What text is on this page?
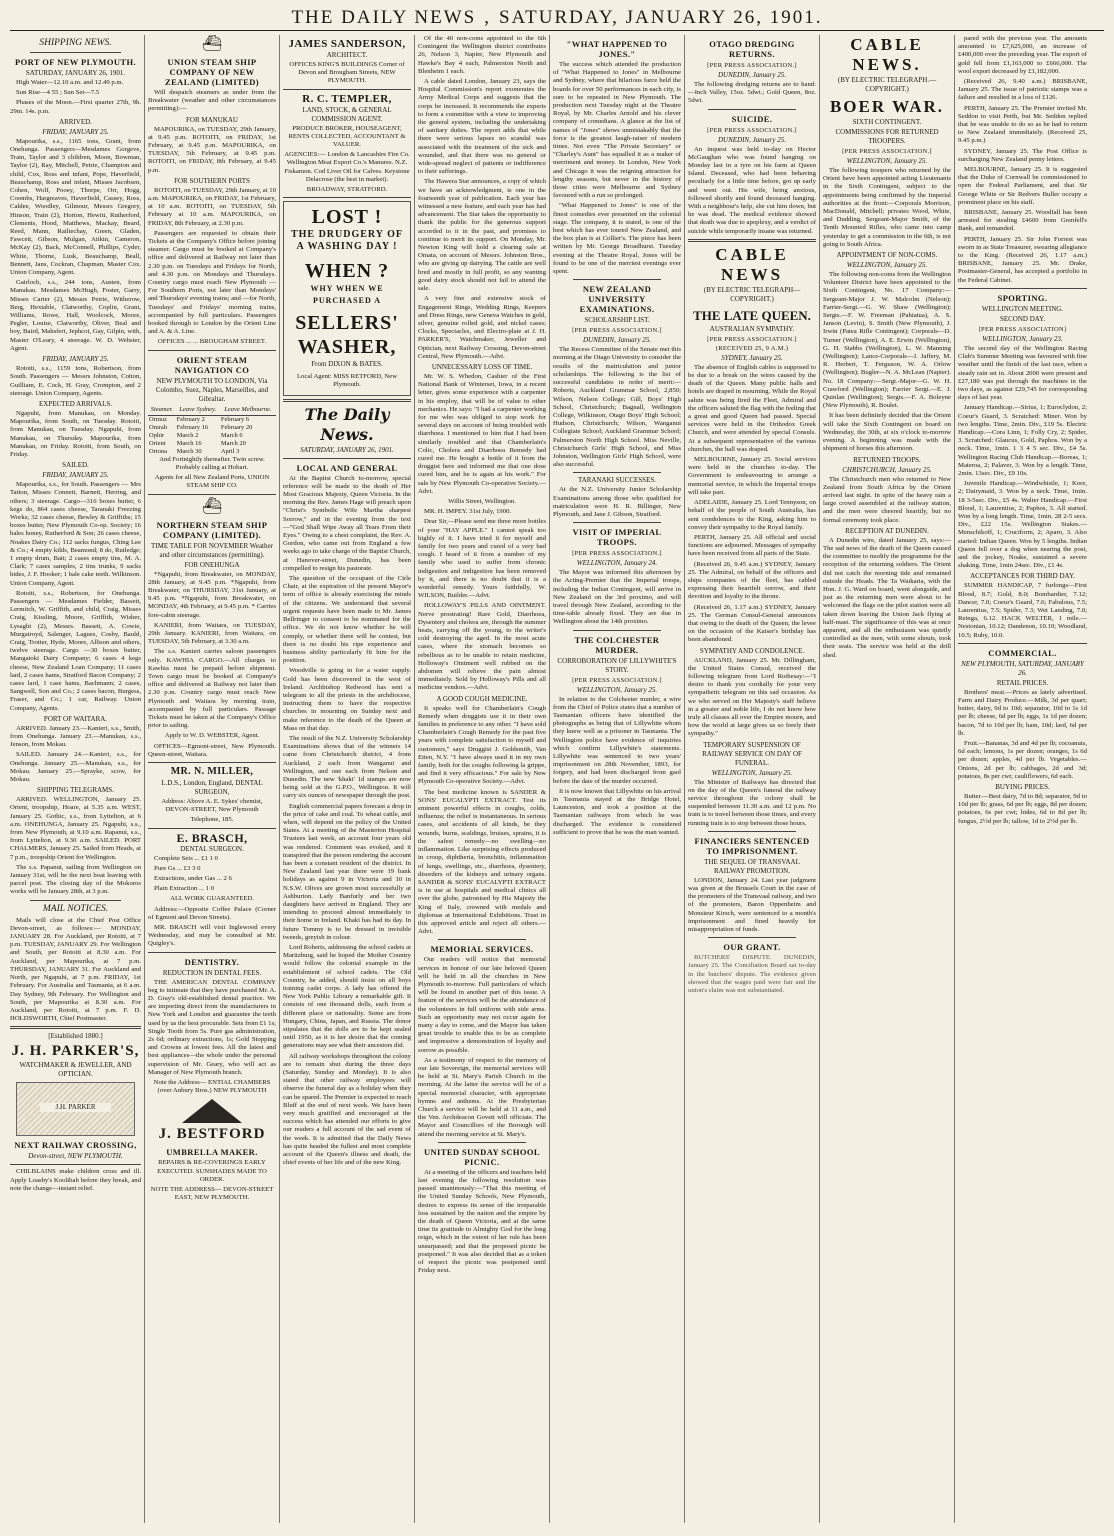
THE DAILY NEWS , SATURDAY, JANUARY 26, 1901.
SHIPPING NEWS.
PORT OF NEW PLYMOUTH.
SATURDAY, JANUARY 26, 1901.
High Water—12.10 a.m. and 12.49 p.m.
Sun Rise—4 55 ; Sun Set—7.5
Phases of the Moon.—First quarter 27th, 9h. 29m. 14s. p.m.
ARRIVED.
FRIDAY, JANUARY 25.
Mapourika, s.s., 1165 tons, Grant, from Onehunga. Passengers—Mesdames Gorgeve, Train, Taylor and 3 children, Moon, Bowman, Taylor (2), Ray, Mitchell, Petrie, Champion and child, Cox, Ross and infant, Pope, Haverfield, Beauchamp, Ross and infant, Misses Jacobsen, Cohen, Wolf, Pooey, Thorpe, Orr, Hogg, Coombs, Hargreaves, Haverfield, Cassey, Ross, Caldee, Woodley, Gilmour, Messrs Gregory, Hinson, Train (2), Horton, Hewitt, Rutherford, Clements, Hood, Matthews, Mackay, Beard, Reed, Mann, Railtechay, Green, Gladen, Fawcett, Gibson, Mulgan, Aitkin, Cameron, McKay (2), Back, McConnell, Phillips, Cyder, White, Thorne, Lusk, Beauchamp, Beall, Bennett, Jans, Cockran, Chapman, Master Cox. Union Company, Agent.
Gairloch, s.s., 244 tons, Austen, from Manukau. Mesdames McHugh, Foster, Garry, Misses Carter (2), Messrs Petrie, Witherow, Berg, Hextable, Clatworthy, Coplin, Grant, Williams, Rowe, Hall, Woolcock, Moore, Pegler, Louise, Clatworthy, Oliver, Beal and boy, Baird, Mahsfert, Jephcot, Gay, Gilpin, with, Master O'Leary, 4 steerage. W. D. Webster, Agent.
FRIDAY, JANUARY 25.
Rotoiti, s.s., 1159 tons, Robertson, from South. Passengers — Messrs Johnston, Cotton, Guilliam, E. Cock, H. Gray, Crompton, and 2 steerage. Union Company, Agents.
EXPECTED ARRIVALS.
Ngapuhi, from Manukau, on Monday. Mapourika, from South, on Tuesday. Rotoiti, from Manukau, on Tuesday. Ngapuhi, from Manukau, on Thursday. Mapourika, from Manukau, on Friday. Rotoiti, from South, on Friday.
SAILED.
FRIDAY, JANUARY 25.
Mapourika, s.s., for South. Passengers — Mrs Tatton, Misses Connett, Barnett, Herring, and others; 3 steerage. Cargo—316 boxes butter, 6 kegs do, 864 cases cheese, Taranaki Freezing Works; 32 cases cheese, Bewley & Griffiths; 15 boxes butter, New Plymouth Co-op. Society; 16 bales honey, Rutherford & Son; 26 cases cheese, Noakes Dairy Co.; 112 sacks fungus, Ching Lee & Co.; 4 empty kilds, Beamond; 8 do, Rutledge; 1 empty drum, Bait; 2 cases empty tins, M. A. Clark; 7 cases samples, 2 tins trunks, 9 sacks hides, J. F. Hooker; 1 bale cake teeth. Wilkinson. Union Company, Agent.
Rotoiti, s.s., Robertson, for Onehunga. Passengers — Mesdames Fielder, Bassett, Lermitch, W. Griffith, and child, Craig, Misses Craig, Kissling, Moore, Griffith, Wisher, Lysaght (2), Messrs. Bassett, A. Cowie, Murgatroyd, Salenger, Lagues, Cosby, Bauld, Craig, Trotter, Hyde, Moore, Allison and others, twelve steerage. Cargo —30 boxes butter, Mangatoki Dairy Company; 6 cases 4 kegs cheese, New Zealand Loan Company; 11 cases lard, 2 cases hams, Stratford Bacon Company; 2 cases lard, 1 case hams, Bachmann; 2 cases, Sangwell, Son and Co.; 2 cases bacon, Burgess, Fraser, and Co.; 1 car, Railway. Union Company, Agents.
PORT OF WAITARA.
ARRIVED. January 23.—Kanieri, s.s., Smith, from Onehunga. January 23.—Manukau, s.s., Jenson, from Mokau.
SAILED. January 24.—Kanieri, s.s., for Onehunga. January 25.—Manukau, s.s., for Mokau. January 25.—Sprayke, scow, for Mokau.
SHIPPING TELEGRAMS.
ARRIVED. WELLINGTON, January 25. Orient, troopship, Hoare, at 5.35 a.m. WEST, January 25. Gothic, s.s., from Lyttelton, at 6 a.m. ONEHUNGA, January 25. Ngapuhi, s.s., from New Plymouth, at 9.10 a.m. Rapanui, s.s., from Lyttelton, at 9.30 a.m. SAILED. PORT CHALMERS, January 25. Sailed from Heads, at 7 p.m., troopship Orient for Wellington.
The s.s. Papanui, sailing from Wellington on January 31st, will be the next boat leaving with parcel post. The closing day of the Mokoros works will be January 28th, at 3 p.m.
MAIL NOTICES.
Mails will close at the Chief Post Office Devon-street, as follows:— MONDAY, JANUARY 28. For Auckland, per Rotoiti, at 7 p.m. TUESDAY, JANUARY 29. For Wellington and South, per Rotoiti at 8.30 a.m. For Auckland, per Mapourika, at 7 p.m. THURSDAY, JANUARY 31. For Auckland and North, per Ngapuhi, at 7 p.m. FRIDAY, 1st February. For Australia and Tasmania, at 6 a.m. Day Sydney, 9th February. For Wellington and South, per Mapourika at 8.30 a.m. For Auckland, per Rotoiti, at 7 p.m. F. D. HOLDSWORTH, Chief Postmaster.
[Established 1880.]
J. H. PARKER'S,
WATCHMAKER & JEWELLER, AND OPTICIAN.
J.H. PARKER
NEXT RAILWAY CROSSING,
Devon-street, NEW PLYMOUTH.
CHILBLAINS make children cross and ill. Apply Loasby's Koolibah before they break, and note the change—instant relief.
⛴
UNION STEAM SHIP COMPANY OF NEW ZEALAND (LIMITED)
Will despatch steamers as under from the Breakwater (weather and other circumstances permitting):—
FOR MANUKAU
MAPOURIKA, on TUESDAY, 29th January, at 9.45 p.m. ROTOITI, on FRIDAY, 1st February, at 9.45 p.m. MAPOURIKA, on TUESDAY, 5th February, at 9.45 p.m. ROTOITI, on FRIDAY, 8th February, at 9.45 p.m.
FOR SOUTHERN PORTS
ROTOITI, on TUESDAY, 29th January, at 10 a.m. MAPOURIKA, on FRIDAY, 1st February, at 10 a.m. ROTOITI, on TUESDAY, 5th February at 10 a.m. MAPOURIKA, on FRIDAY, 8th February, at 2.30 p.m.
Passengers are requested to obtain their Tickets at the Company's Office before joining steamer. Cargo must be booked at Company's office and delivered at Railway not later than 2.30 p.m. on Tuesdays and Fridays for North, and 4.30 p.m. on Mondays and Thursdays. Country cargo must reach New Plymouth —For Southern Ports, not later than Mondays' and Thursdays' evening trains; and —for North, Tuesdays' and Fridays' morning trains, accompanied by full particulars. Passengers booked through to London by the Orient Line and A. & A. Line.
OFFICES ... ... BROUGHAM STREET.
ORIENT STEAM NAVIGATION CO
NEW PLYMOUTH TO LONDON, Via Colombo, Suez, Naples, Marseilles, and Gibraltar.
Steamer.	Leave Sydney.	Leave Melbourne.
Ormuz	February 2	February 6
Omrah	February 16	February 20
Ophir	March 2	March 6
Orient	March 16	March 20
Ortona	March 30	April 3
And Fortnightly thereafter. Twin screw. Probably calling at Hobart.
Agents for all New Zealand Ports, UNION STEAM SHIP CO.
⛴
NORTHERN STEAM SHIP COMPANY (LIMITED).
TIME TABLE FOR NOVEMBER Weather and other circumstances (permitting).
FOR ONEHUNGA
*Ngapuhi, from Breakwater, on MONDAY, 28th January, at 9.45 p.m. *Ngapuhi, from Breakwater, on THURSDAY, 31st January, at 9.45 p.m. *Ngapuhi, from Breakwater, on MONDAY, 4th February, at 9.45 p.m. * Carries fore-cabin steerage.
KANIERI, from Waitara, on TUESDAY, 29th January. KANIERI, from Waitara, on TUESDAY, 5th February, at 3.30 a.m.
The s.s. Kanieri carries saloon passengers only. KAWHIA CARGO.—All charges to Kawhia must be prepaid before shipment. Town cargo must be booked at Company's office and delivered at Railway not later than 2.30 p.m. Country cargo must reach New Plymouth and Waitara by morning train, accompanied by full particulars. Passage Tickets must be taken at the Company's Office prior to sailing.
Apply to W. D. WEBSTER, Agent.
OFFICES—Egmont-street, New Plymouth. Queen-street, Waitara.
MR. N. MILLER,
L.D.S., London, England, DENTAL SURGEON,
Address: Above A. E. Sykes' chemist, DEVON-STREET, New Plymouth
Telephone, 185.
E. BRASCH,
DENTAL SURGEON.
Complete Sets ... £1 1 0
Pure Gs ... £3 3 0
Extractions, under Gas ... 2 6
Plain Extraction ... 1 0
ALL WORK GUARANTEED.
Address:—Opposite Coffee Palace (Corner of Egmont and Devon Streets).
MR. BRASCH will visit Inglewood every Wednesday, and may be consulted at Mr. Quigley's.
DENTISTRY.
REDUCTION IN DENTAL FEES.
THE AMERICAN DENTAL COMPANY beg to intimate that they have purchased Mr. A. D. Gray's old-established dental practice. We are importing direct from the manufacturers in New York and London and guarantee the teeth used by us the best procurable. Sets from £1 1s; Single Tooth from 5s. Pure gas administration, 2s 6d; ordinary extractions, 1s; Gold Stopping and Crowns at lowest fees. All the latest and best appliances—the whole under the personal supervision of Mr. Geary, who will act as Manager of New Plymouth branch.
Note the Address— ENTIAL CHAMBERS (over Anbury Bros.) NEW PLYMOUTH
J. BESTFORD
UMBRELLA MAKER.
REPAIRS & RE-COVERINGS EARLY EXECUTED. SUNSHADES MADE TO ORDER.
NOTE THE ADDRESS— DEVON-STREET EAST, NEW PLYMOUTH.
JAMES SANDERSON,
ARCHITECT.
OFFICES KING'S BUILDINGS Corner of Devon and Brougham Streets, NEW PLYMOUTH.
R. C. TEMPLER,
LAND, STOCK, & GENERAL COMMISSION AGENT.
PRODUCE BROKER, HOUSEAGENT, RENTS COLLECTED, ACCOUNTANT & VALUER.
AGENCIES:— London & Lancashire Fire Co. Wellington Meat Export Co.'s Manures. N.Z. Fiskamon. Cod Liver Oil for Calves. Keystone Delacrose (the best in market).
BROADWAY, STRATFORD.
LOST !
THE DRUDGERY OF A WASHING DAY !
WHEN ?
WHY WHEN WE PURCHASED A
SELLERS'
WASHER,
From DIXON & BATES.
Local Agent: MISS RETFORD, New Plymouth.
The Daily News.
SATURDAY, JANUARY 26, 1901.
LOCAL AND GENERAL
At the Baptist Church to-morrow, special reference will be made to the death of Her Most Gracious Majesty, Queen Victoria. In the morning the Rev. James Hage will preach upon "Christ's Symbolic Wife Martha sharpest Sorrow," and in the evening from the text—"God Shall Wipe Away all Tears From their Eyes." Owing to a chest complaint, the Rev. A. Gordon, who came out from England a few weeks ago to take charge of the Baptist Church, at Hanover-street, Dunedin, has been compelled to resign his pastorate.
The question of the occupant of the Cirle Chair, at the expiration of the present Mayor's term of office is already exercising the minds of the citizens. We understand that several urgent requests have been made to Mr. James Bellringer to consent to be nominated for the office. We do not know whether he will comply, or whether there will be contest, but there is no doubt his ripe experience and business ability particularly fit him for the position.
Woodville is going in for a water supply. Gold has been discovered in the west of Ireland. Archbishop Redwood has sent a telegram to all the priests in the archdiocese, instructing them to have the respective churches in mourning on Sunday next and make reference to the death of the Queen at Mass on that day.
The result of the N.Z. University Scholarship Examinations shows that of the winners 14 came from Christchurch district, 4 from Auckland, 2 each from Wanganui and Wellington, and one each from Nelson and Dunedin. The new 'khaki' 1d stamps are now being sold at the G.P.O., Wellington. It will carry six ounces of newspaper through the post.
English commercial papers forecast a drop in the price of cake and coal. To wheat cattle, and when, will depend on the policy of the United States. At a meeting of the Masterton Hospital Trustees last week, an account four years old was rendered. Comment was evoked, and it transpired that the person rendering the account has been a constant resident of the district. In New Zealand last year there were 19 bank holidays as against 9 in Victoria and 10 in N.S.W. Olives are grown most successfully at Ashburton. Lady Banfurly and her two daughters have arrived in England. They are intending to proceed almost immediately to their home in Ireland. Khaki has had its day. In future Tommy is to be dressed in invisible tweeds, greyish in colour.
Lord Roberts, addressing the school cadets at Maritzburg, said he hoped the Mother Country would follow the colonial example in the establishment of school cadets. The Old Country, he added, should insist on all boys training cadet corps. A lady has offered the New York Public Library a remarkable gift. It consists of one thousand dolls, each from a different place or nationality. Some are from Hungary, China, Japan, and Russia. The donor stipulates that the dolls are to be kept sealed until 1950, as it is her desire that the coming generations may see what their ancestors did.
All railway workshops throughout the colony are to remain shut during the three days (Saturday, Sunday and Monday). It is also stated that other railway employees will observe the funeral day as a holiday when they can be spared. The Premier is expected to reach Bluff at the end of next week. We have been very much gratified and encouraged at the success which has attended our efforts to give our readers a full account of the sad event of the week. It is admitted that the Daily News has quite headed the fullest and most complete account of the Queen's illness and death, the chief events of her life and of the new King.
Of the 40 non-coms appointed to the 6th Contingent the Wellington district contributes 26, Nelson 3, Napier, New Plymouth and Hawke's Bay 4 each, Palmerston North and Blenheim 1 each.
A cable dated London, January 23, says the Hospital Commission's report exonerates the Army Medical Corps and suggests that the corps be increased. It recommends the experts to form a committee with a view to improving the general system, including the undertaking of sanitary duties. The report adds that while there were serious lapses no scandal was associated with the treatment of the sick and wounded, and that there was no general or wide-spread neglect of patients or indifference to their sufferings.
The Hawera Star announces, a copy of which we have an acknowledgment, is one in the fourteenth year of publication. Each year has witnessed a new feature, and each year has had advancement. The Star takes the opportunity to thank the public for the generous support accorded to it in the past, and promises to continue to merit its support. On Monday, Mr. Newton King will hold a clearing sale at Omata, on account of Messrs. Johnston Bros., who are giving up dairying. The cattle are well bred and mostly in full profit, so any wanting good dairy stock should not fail to attend the sale.
A very fine and extensive stock of Engagement Rings, Wedding Rings, Keepers and Dress Rings, new Geneva Watches in gold, silver, genuine rolled gold, and nickel cases; Clocks, Spectacles, and Electro-plate at J. H. PARKER'S, Watchmaker, Jeweller and Optician, next Railway Crossing, Devon-street Central, New Plymouth.—Advt.
UNNECESSARY LOSS OF TIME.
Mr. W. S. Whedon, Cashier of the First National Bank of Winterset, Iowa, in a recent letter, gives some experience with a carpenter in his employ, that will be of value to other mechanics. He says: "I had a carpenter working for me who was obliged to stop work for several days on account of being troubled with diarrhoea. I mentioned to him that I had been similarly troubled and that Chamberlain's Colic, Cholera and Diarrhoea Remedy had cured me. He bought a bottle of it from the druggist here and informed me that one dose cured him, and he is again at his work." For sale by New Plymouth Co-operative Society.—Advt.
Willis Street, Wellington.
MR. H. IMPEY. 31st July, 1900.
Dear Sir,—Please send me three more bottles of your "HAY APPLE." I cannot speak too highly of it. I have tried it for myself and family for two years and cured of a very bad cough. I heard of it from a number of my family who used to suffer from chronic indigestion and indigestion has been removed by it, and there is no doubt that it is a wonderful remedy. Yours faithfully, W. WILSON, Builder.—Advt.
HOLLOWAY'S PILLS AND OINTMENT. Nerve prostrating! Rare Gold, Diarrhoea, Dysentery and cholera are, through the summer heats, carrying off the young, to the writer's cold destroying the aged. In the most acute cases, where the stomach becomes so rebellious as to be unable to retain medicine, Holloway's Ointment well rubbed on the abdomen will relieve the pain almost immediately. Sold by Holloway's Pills and all medicine vendors.—Advt.
A GOOD COUGH MEDICINE.
It speaks well for Chamberlain's Cough Remedy when druggists use it in their own families in preference to any other. "I have sold Chamberlain's Cough Remedy for the past five years with complete satisfaction to myself and customers," says Druggist J. Goldsmith, Van Etten, N.Y. "I have always used it in my own family, both for the coughs following la grippe, and find it very efficacious." For sale by New Plymouth Co-operative Society.—Advt.
The best medicine known is SANDER & SONS' EUCALYPTI EXTRACT. Test its eminent powerful effects in coughs, colds, influenza; the relief is instantaneous. In serious cases, and accidents of all kinds, be they wounds, burns, scaldings, bruises, sprains, it is the safest remedy—no swelling—no inflammation. Like surprising effects produced in croup, diphtheria, bronchitis, inflammation of lungs, swellings, etc., diarrhoea, dysentery, disorders of the kidneys and urinary organs. SANDER & SONS' EUCALYPTI EXTRACT is in use at hospitals and medical clinics all over the globe, patronised by His Majesty the King of Italy, crowned with medals and diplomas at International Exhibitions. Trust in this approved article and reject all others.—Advt.
MEMORIAL SERVICES.
Our readers will notice that memorial services in honour of our late beloved Queen will be held in all the churches in New Plymouth to-morrow. Full particulars of which will be found in another part of this issue. A feature of the services will be the attendance of the volunteers in full uniform with side arms. Such an opportunity may not occur again for many a day to come, and the Mayor has taken great trouble to enable this to be as complete and impressive a demonstration of loyalty and sorrow as possible.
As a testimony of respect to the memory of our late Sovereign, the memorial services will be held at St. Mary's Parish Church in the morning. At the latter the service will be of a special memorial character, with appropriate hymns and anthems. At the Presbyterian Church a service will be held at 11 a.m., and the Ven. Archdeacon Govett will officiate. The Mayor and Councillors of the Borough will attend the morning service at St. Mary's.
UNITED SUNDAY SCHOOL PICNIC.
At a meeting of the officers and teachers held last evening the following resolution was passed unanimously:—"That this meeting of the United Sunday Schools, New Plymouth, desires to express its sense of the irreparable loss sustained by the nation and the empire by the death of Queen Victoria, and at the same time its gratitude to Almighty God for the long reign, which in the extent of her rule has been unsurpassed; and that the proposed picnic be postponed." It was also decided that as a token of respect the picnic was postponed until Friday next.
"WHAT HAPPENED TO JONES."
The success which attended the production of "What Happened to Jones" in Melbourne and Sydney, where that hilarious farce held the boards for over 50 performances in each city, is sure to be repeated in New Plymouth. The production next Tuesday night at the Theatre Royal, by Mr. Charles Arnold and his clever company of comedians. A glance at the list of names of "Jones" shows unmistakably that the force is the greatest laugh-raiser of modern times. Not even "The Private Secretary" or "Charley's Aunt" has equalled it as a maker of merriment and money. In London, New York and Chicago it was the reigning attraction for lengthy seasons, but never in the history of those cities were Melbourne and Sydney favoured with a run so prolonged.
"What Happened to Jones" is one of the finest comedies ever presented on the colonial stage. The company, it is stated, is one of the best which has ever toured New Zealand, and the box plan is at Collier's. The piece has been written by Mr. George Broadhurst. Tuesday evening at the Theatre Royal, Jones will be found to be one of the merriest evenings ever spent.
NEW ZEALAND UNIVERSITY EXAMINATIONS.
SCHOLARSHIP LIST.
[PER PRESS ASSOCIATION.]
DUNEDIN, January 25.
The Recess Committee of the Senate met this morning at the Otago University to consider the results of the matriculation and junior scholarships. The following is the list of successful candidates in order of merit:— Roberts, Auckland Grammar School, 2,850; Wilson, Nelson College; Gill, Boys' High School, Christchurch; Bagnall, Wellington College, Wilkinson, Otago Boys' High School; Hudson, Christchurch; Wilson, Wanganui Collegiate School; Auckland Grammar School; Palmerston North High School. Miss Neville, Christchurch Girls' High School, and Miss Johnston, Wellington Girls' High School, were also successful.
TARANAKI SUCCESSES.
At the N.Z. University Junior Scholarship Examinations among those who qualified for matriculation were H. R. Billinger, New Plymouth, and Jane J. Gibson, Stratford.
VISIT OF IMPERIAL TROOPS.
[PER PRESS ASSOCIATION.]
WELLINGTON, January 24.
The Mayor was informed this afternoon by the Acting-Premier that the Imperial troops, including the Indian Contingent, will arrive in New Zealand on the 3rd proximo, and will travel through New Zealand, according to the time-table already fixed. They are due in Wellington about the 14th proximo.
THE COLCHESTER MURDER.
CORROBORATION OF LILLYWHITE'S STORY.
[PER PRESS ASSOCIATION.]
WELLINGTON, January 25.
In relation to the Colchester murder, a wire from the Chief of Police states that a number of Tasmanian officers have identified the photographs as being that of Lillywhite whom they knew well as a prisoner in Tasmania. The Wellington police have evidence of inquiries which confirm Lillywhite's statements. Lillywhite was sentenced to two years' imprisonment on 28th November, 1893, for forgery, and had been discharged from gaol before the date of the murder occurred.
It is now known that Lillywhite on his arrival in Tasmania stayed at the Bridge Hotel, Launceston, and took a position at the Tasmanian railways from which he was discharged. The evidence is considered sufficient to prove that he was the man wanted.
OTAGO DREDGING RETURNS.
[PER PRESS ASSOCIATION.]
DUNEDIN, January 25.
The following dredging returns are to hand:—Inch Valley, 15oz. 5dwt.; Gold Queen, 8oz. 5dwt.
SUICIDE.
[PER PRESS ASSOCIATION.]
DUNEDIN, January 25.
An inquest was held to-day on Hector McGaughan who was found hanging on Monday last in a tyre on his farm at Queen Island. Deceased, who had been behaving peculiarly for a little time before, got up early and went out. His wife, being anxious, followed shortly and found deceased hanging. With a neighbour's help, she cut him down, but he was dead. The medical evidence showed that death was due to apoplexy, and a verdict of suicide while temporarily insane was returned.
CABLE NEWS
(BY ELECTRIC TELEGRAPH—COPYRIGHT.)
THE LATE QUEEN.
AUSTRALIAN SYMPATHY.
[PER PRESS ASSOCIATION.] (RECEIVED 25, 9 A.M.)
SYDNEY, January 25.
The absence of English cables is supposed to be due to a break on the wires caused by the death of the Queen. Many public halls and hotels are draped in mourning. While the Royal salute was being fired the Fleet, Admiral and the officers saluted the flag with the feeling that a great and good Queen had passed. Special services were held in the Orthodox Greek Church, and were attended by special Consuls. At a subsequent representative of the various churches, the hall was draped.
MELBOURNE, January 25. Social services were held in the churches to-day. The Government is endeavouring to arrange a memorial service, in which the Imperial troops will take part.
ADELAIDE, January 25. Lord Tennyson, on behalf of the people of South Australia, has sent condolences to the King, asking him to convey their sympathy to the Royal family.
PERTH, January 25. All official and social functions are adjourned. Messages of sympathy have been received from all parts of the State.
(Received 26, 9.45 a.m.) SYDNEY, January 25. The Admiral, on behalf of the officers and ships companies of the fleet, has cabled expressing their heartfelt sorrow, and their devotion and loyalty to the throne.
(Received 26, 1.17 a.m.) SYDNEY, January 25. The German Consul-General announces that owing to the death of the Queen, the levee on the occasion of the Kaiser's birthday has been abandoned.
SYMPATHY AND CONDOLENCE.
AUCKLAND, January 25. Mr. Dillingham, the United States Consul, received the following telegram from Lord Rothesay:—"I desire to thank you cordially for your very sympathetic telegram on this sad occasion. As we who served on Her Majesty's staff believe in a greater and noble life, I do not know how truly all classes all over the Empire mourn, and how the world at large gives us so freely their sympathy."
TEMPORARY SUSPENSION OF RAILWAY SERVICE ON DAY OF FUNERAL.
WELLINGTON, January 25.
The Minister of Railways has directed that on the day of the Queen's funeral the railway service throughout the colony shall be suspended between 11.30 a.m. and 12 p.m. No train is to travel between those times, and every running train is to stop between those hours.
FINANCIERS SENTENCED TO IMPRISONMENT.
THE SEQUEL OF TRANSVAAL RAILWAY PROMOTION.
LONDON, January 24. Last year judgment was given at the Brussels Court in the case of the promoters of the Transvaal railway, and two of the promoters, Baron Oppenheim and Monsieur Kirsch, were sentenced to a month's imprisonment and fined heavily for misappropriation of funds.
OUR GRANT.
BUTCHERS' DISPUTE. DUNEDIN, January 25. The Conciliation Board sat to-day in the butchers' dispute. The evidence given showed that the wages paid were fair and the union's claim was not substantiated.
CABLE NEWS.
(BY ELECTRIC TELEGRAPH.—COPYRIGHT.)
BOER WAR.
SIXTH CONTINGENT.
COMMISSIONS FOR RETURNED TROOPERS.
[PER PRESS ASSOCIATION.]
WELLINGTON, January 25.
The following troopers who returned by the Orient have been appointed acting Lieutenants in the Sixth Contingent, subject to the appointments being confirmed by the Imperial authorities at the front:—Corporals Morrison, MacDonald, Mitchell; privates Wood, White, and Dudding, Sergeant-Major Smith, of the Tenth Mounted Rifles, who came into camp yesterday to get a commission in the 6th, is not going to South Africa.
APPOINTMENT OF NON-COMS.
WELLINGTON, January 25.
The following non-coms from the Wellington Volunteer District have been appointed to the Sixth Contingent, No. 17 Company:—Sergeant-Major J. W. Malcolm (Nelson); Farrier-Sergt.—G. W. Shaw (Wellington); Sergts.—F. W. Freeman (Pahiatua), A. S. Janson (Levin), S. Smith (New Plymouth), J. Irwin (Patea Rifle Contingent); Corporals—D. Turner (Wellington), A. E. Erwin (Wellington), G. H. Stabbs (Wellington), L. W. Manning (Wellington); Lance-Corporals—J. Jaffery, M. R. Herbert, T. Ferguson, W. A. Orlow (Wellington); Bugler—N. A. McLean (Napier). No. 18 Company:—Sergt.-Major—G. W. H. Crawford (Wellington); Farrier Sergt.—E. J. Quinlan (Wellington); Sergts.—F. A. Boleyne (New Plymouth), R. Boulet.
It has been definitely decided that the Orient will take the Sixth Contingent on board on Wednesday, the 30th, at six o'clock to-morrow evening. A beginning was made with the shipment of horses this afternoon.
RETURNED TROOPS.
CHRISTCHURCH, January 25.
The Christchurch men who returned to New Zealand from South Africa by the Orient arrived last night. In spite of the heavy rain a large crowd assembled at the railway station, and the men were cheered heartily, but no formal ceremony took place.
RECEPTION AT DUNEDIN.
A Dunedin wire, dated January 25, says:—The sad news of the death of the Queen caused the committee to modify the programme for the reception of the returning soldiers. The Orient did not catch the morning tide and remained outside the Heads. The Ta Waikaria, with the Hon. J. G. Ward on board, went alongside, and just as the returning men were about to be welcomed the flags on the pilot station were all taken down leaving the Union Jack flying at half-mast. The significance of this was at once apparent, and all the enthusiasm was quietly controlled as the men, with some shouts, took their seats. The service was held at the drill shed.
pared with the previous year. The amounts amounted to £7,625,000, an increase of £400,000 over the preceding year. The export of gold fell from £1,163,000 to £666,000. The wool export decreased by £1,182,000.
(Received 26, 9.40 a.m.) BRISBANE, January 25. The issue of patriotic stamps was a failure and resulted in a loss of £126.
PERTH, January 25. The Premier invited Mr. Seddon to visit Perth, but Mr. Seddon replied that he was unable to do so as he had to return to New Zealand immediately. (Received 25, 9.45 p.m.)
SYDNEY, January 25. The Post Office is surcharging New Zealand penny letters.
MELBOURNE, January 25. It is suggested that the Duke of Cornwall be commissioned to open the Federal Parliament, and that Sir George White or Sir Redvers Buller occupy a prominent place on his staff.
BRISBANE, January 25. Woodfall has been arrested for stealing £4600 from Grenfell's Bank, and remanded.
PERTH, January 25. Sir John Forrest was sworn in as State Treasurer, swearing allegiance to the King. (Received 26, 1.17 a.m.) BRISBANE, January 25. Mr. Drake, Postmaster-General, has accepted a portfolio in the Federal Cabinet.
SPORTING.
WELLINGTON MEETING.
SECOND DAY.
[PER PRESS ASSOCIATION]
WELLINGTON, January 23.
The second day of the Wellington Racing Club's Summer Meeting was favoured with fine weather until the finish of the last race, when a steady rain set in. About 2000 were present and £27,180 was put through the machines in the two days, as against £29,745 for corresponding days of last year.
January Handicap.—Sirius, 1; Euroclydon, 2; Coeur's Guard, 3. Scratched: Miner. Won by two lengths. Time, 2min. Div., £19 5s. Electric Handicap.—Cora Linn, 1; Folly Cry, 2; Spider, 3. Scratched: Glaucus, Gold, Paphos. Won by a neck. Time, 1min. 1 3 4 5 sec. Div., £4 5s. Wellington Racing Club Handicap.—Boreas, 1; Materoa, 2; Palaver, 3. Won by a length. Time, 2min. 13sec. Div., £9 10s.
Juvenile Handicap.—Windwhistle, 1; Kore, 2; Dairymaid, 3. Won by a neck. Time, 1min. 18 3-5sec. Div., £5 4s. Walter Handicap.—First Blood, 1; Laurentius, 2; Paphos, 3. All started. Won by a long length. Time, 1min. 28 2-5 secs. Div., £22 15s. Wellington Stakes.—Menschikoff, 1; Cruciform, 2; Aparo, 3. Also started: Indian Queen. Won by 5 lengths. Indian Queen fell over a dog when nearing the post, and the jockey, Noake, sustained a severe shaking. Time, 1min 24sec. Div., £1 4s.
ACCEPTANCES FOR THIRD DAY.
SUMMER HANDICAP, 7 furlongs—First Blood, 8.7; Gold, 8.0; Bombardier, 7.12; Dancer, 7.0; Coeur's Guard, 7.6; Fabulous, 7.5; Laurentius, 7.5; Spider, 7.3; Wet Landing, 7.0; Reinga, 6.12. HACK WELTER, 1 mile.—Nestonian, 10.12; Dandenon, 10.10; Woodland, 10.5; Ruby, 10.0.
COMMERCIAL.
NEW PLYMOUTH, SATURDAY, JANUARY 26.
RETAIL PRICES.
Brothers' meat.—Prices as lately advertised. Farm and Dairy Produce.—Milk, 3d per quart; butter, dairy, 9d to 10d; separator, 10d to 1s 1d per lb; cheese, 6d per lb; eggs, 1s 1d per dozen; bacon, 7d to 10d per lb; ham, 10d; lard, 6d per lb.
Fruit.—Bananas, 3d and 4d per lb; cocoanuts, 6d each; lemons, 1s per dozen; oranges, 1s 6d per dozen; apples, 4d per lb. Vegetables.—Onions, 2d per lb; cabbages, 2d and 3d; potatoes, 8s per cwt; cauliflowers, 6d each.
BUYING PRICES.
Butter.—Best dairy, 7d to 8d; separator, 9d to 10d per lb; grass, 6d per lb; eggs, 8d per dozen; potatoes, 6s per cwt; hides, 6d to 8d per lb; fungus, 2½d per lb; tallow, 1d to 2½d per lb.
